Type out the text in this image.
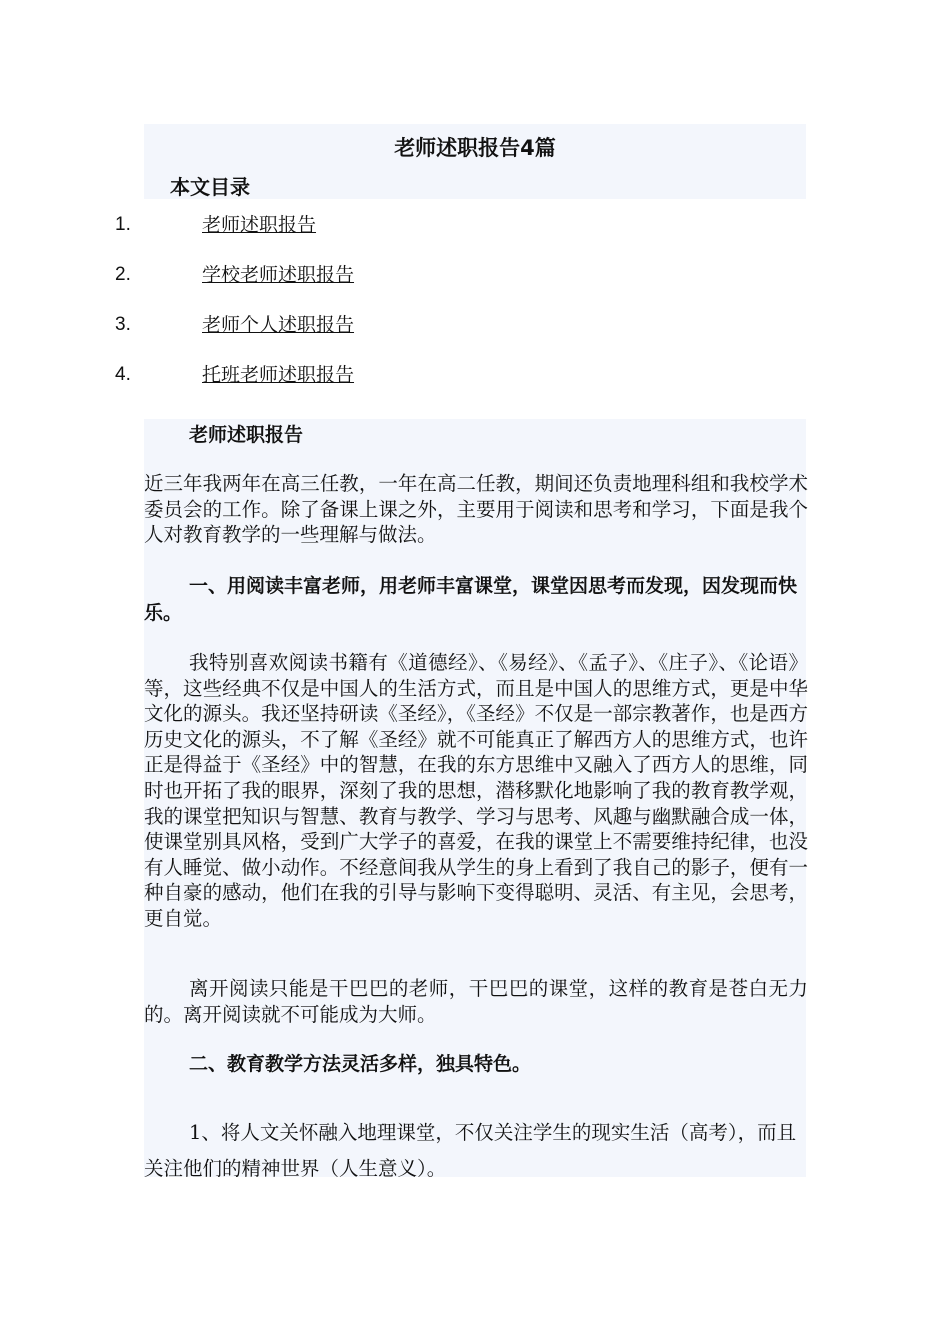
老师述职报告4篇
本文目录
1.	老师述职报告
2.	学校老师述职报告
3.	老师个人述职报告
4.	托班老师述职报告
老师述职报告
近三年我两年在高三任教，一年在高二任教，期间还负责地理科组和我校学术委员会的工作。除了备课上课之外，主要用于阅读和思考和学习，下面是我个人对教育教学的一些理解与做法。
一、用阅读丰富老师，用老师丰富课堂，课堂因思考而发现，因发现而快乐。
我特别喜欢阅读书籍有《道德经》、《易经》、《孟子》、《庄子》、《论语》等，这些经典不仅是中国人的生活方式，而且是中国人的思维方式，更是中华文化的源头。我还坚持研读《圣经》，《圣经》不仅是一部宗教著作，也是西方历史文化的源头，不了解《圣经》就不可能真正了解西方人的思维方式，也许正是得益于《圣经》中的智慧，在我的东方思维中又融入了西方人的思维，同时也开拓了我的眼界，深刻了我的思想，潜移默化地影响了我的教育教学观，我的课堂把知识与智慧、教育与教学、学习与思考、风趣与幽默融合成一体，使课堂别具风格，受到广大学子的喜爱，在我的课堂上不需要维持纪律，也没有人睡觉、做小动作。不经意间我从学生的身上看到了我自己的影子，便有一种自豪的感动，他们在我的引导与影响下变得聪明、灵活、有主见，会思考，更自觉。
离开阅读只能是干巴巴的老师，干巴巴的课堂，这样的教育是苍白无力的。离开阅读就不可能成为大师。
二、教育教学方法灵活多样，独具特色。
1、将人文关怀融入地理课堂，不仅关注学生的现实生活（高考），而且关注他们的精神世界（人生意义）。
